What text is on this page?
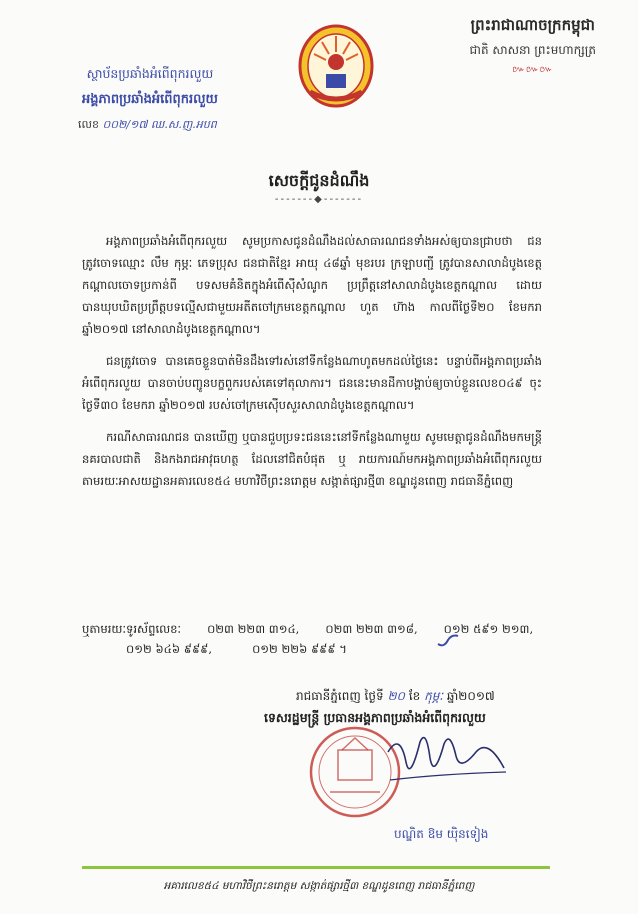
ព្រះរាជាណាចក្រកម្ពុជា
ជាតិ សាសនា ព្រះមហាក្សត្រ
៚៚៚
ស្ថាប័នប្រឆាំងអំពើពុករលួយ
អង្គភាពប្រឆាំងអំពើពុករលួយ
លេខ ០០២/១៧ ឈ.ស.ញ.អបព
សេចក្តីជូនដំណឹង
-------◆-------

អង្គភាពប្រឆាំងអំពើពុករលួយ សូមប្រកាសជូនដំណឹងដល់សាធារណជនទាំងអស់ឲ្យបានជ្រាបថា ជនត្រូវចោទឈ្មោះ លឹម កុម្ភៈ ភេទប្រុស ជនជាតិខ្មែរ អាយុ ៤៨ឆ្នាំ មុខរបរ ក្រឡាបញ្ជី ត្រូវបានសាលាដំបូងខេត្តកណ្តាលចោទប្រកាន់ពី បទសមគំនិតក្នុងអំពើស៊ីសំណូក ប្រព្រឹត្តនៅសាលាដំបូងខេត្តកណ្តាល ដោយបានឃុបឃិតប្រព្រឹត្តបទល្មើសជាមួយអតីតចៅក្រមខេត្តកណ្តាល ហួត ហ៊ាង កាលពីថ្ងៃទី២០ ខែមករា ឆ្នាំ២០១៧ នៅសាលាដំបូងខេត្តកណ្តាល។

ជនត្រូវចោទ បានគេចខ្លួនបាត់មិនដឹងទៅរស់នៅទីកន្លែងណាហូតមកដល់ថ្ងៃនេះ បន្ទាប់ពីអង្គភាពប្រឆាំងអំពើពុករលួយ បានចាប់បញ្ជូនបក្ខពួករបស់គេទៅតុលាការ។ ជននេះមានដីកាបង្គាប់ឲ្យចាប់ខ្លួនលេខ០៤៩ ចុះថ្ងៃទី៣០ ខែមករា ឆ្នាំ២០១៧ របស់ចៅក្រមស៊ើបសួរសាលាដំបូងខេត្តកណ្តាល។

ករណីសាធារណជន បានឃើញ ឬបានជួបប្រទះជននេះនៅទីកន្លែងណាមួយ សូមមេត្តាជូនដំណឹងមកមន្ត្រីនគរបាលជាតិ និងកងរាជអាវុធហត្ថ ដែលនៅជិតបំផុត ឬ រាយការណ៍មកអង្គភាពប្រឆាំងអំពើពុករលួយ តាមរយៈអាសយដ្ឋានអគារលេខ៥៤ មហាវិថីព្រះនរោត្តម សង្កាត់ផ្សារថ្មី៣ ខណ្ឌដូនពេញ រាជធានីភ្នំពេញ

ឬតាមរយៈទូរស័ព្ទលេខៈ ០២៣ ២២៣ ៣១៤, ០២៣ ២២៣ ៣១៨, ០១២ ៥៩១ ២១៣,
០១២ ៦៤៦ ៩៩៩,	០១២ ២២៦ ៩៩៩ ។
រាជធានីភ្នំពេញ ថ្ងៃទី ២០ ខែ កុម្ភៈ ឆ្នាំ២០១៧
ទេសរដ្ឋមន្ត្រី ប្រធានអង្គភាពប្រឆាំងអំពើពុករលួយ
បណ្ឌិត ឱម យ៉ិនទៀង
អគារលេខ៥៤ មហាវិថីព្រះនរោត្តម សង្កាត់ផ្សារថ្មី៣ ខណ្ឌដូនពេញ រាជធានីភ្នំពេញ
